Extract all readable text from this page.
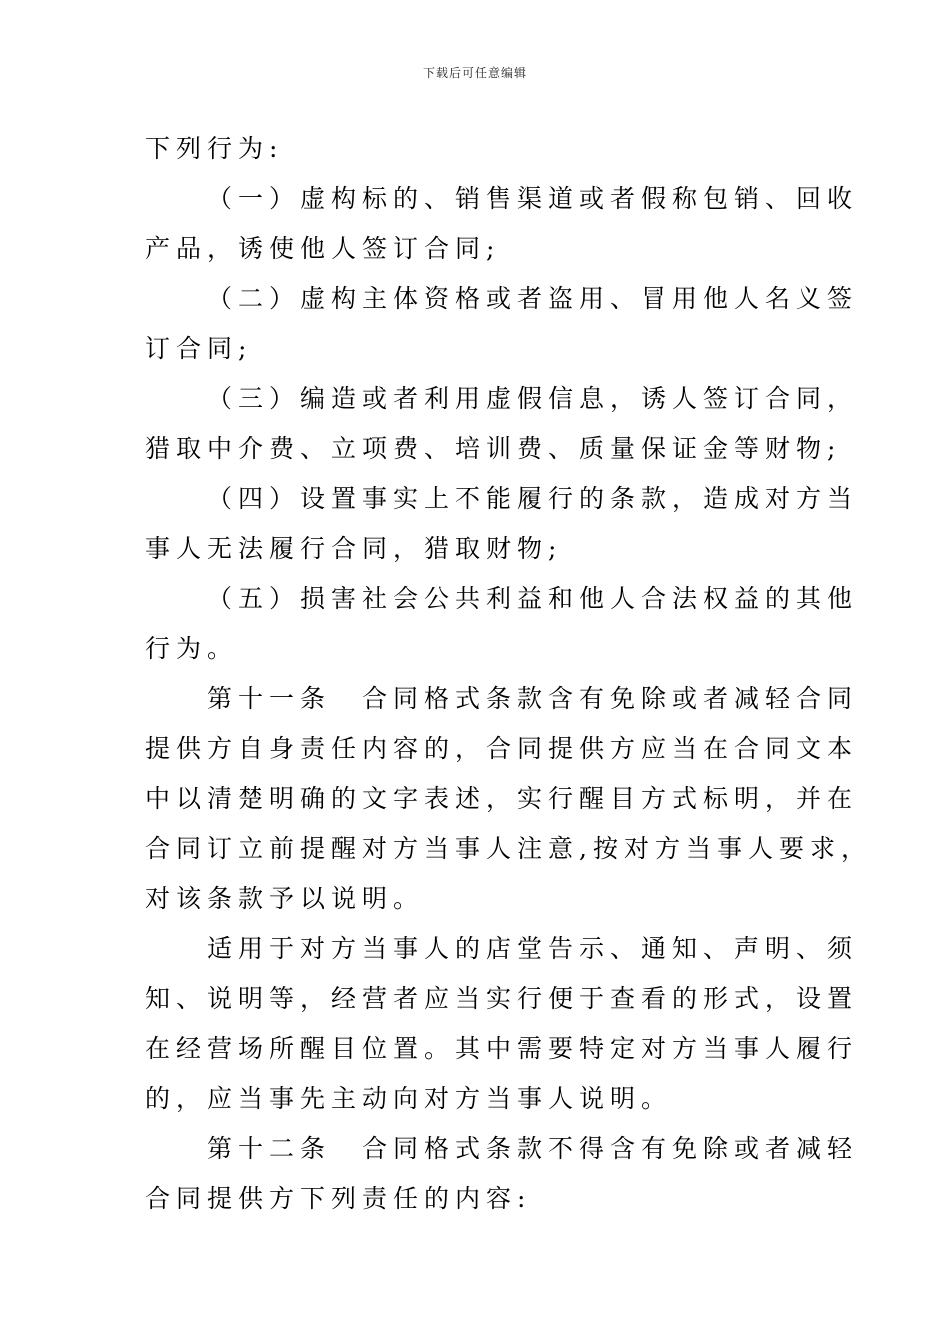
下载后可任意编辑
下列行为:
（一）虚构标的、销售渠道或者假称包销、回收
产品，诱使他人签订合同;
（二）虚构主体资格或者盗用、冒用他人名义签
订合同;
（三）编造或者利用虚假信息，诱人签订合同，
猎取中介费、立项费、培训费、质量保证金等财物;
（四）设置事实上不能履行的条款，造成对方当
事人无法履行合同，猎取财物;
（五）损害社会公共利益和他人合法权益的其他
行为。
第十一条　合同格式条款含有免除或者减轻合同
提供方自身责任内容的，合同提供方应当在合同文本
中以清楚明确的文字表述，实行醒目方式标明，并在
合同订立前提醒对方当事人注意,按对方当事人要求，
对该条款予以说明。
适用于对方当事人的店堂告示、通知、声明、须
知、说明等，经营者应当实行便于查看的形式，设置
在经营场所醒目位置。其中需要特定对方当事人履行
的，应当事先主动向对方当事人说明。
第十二条　合同格式条款不得含有免除或者减轻
合同提供方下列责任的内容:
